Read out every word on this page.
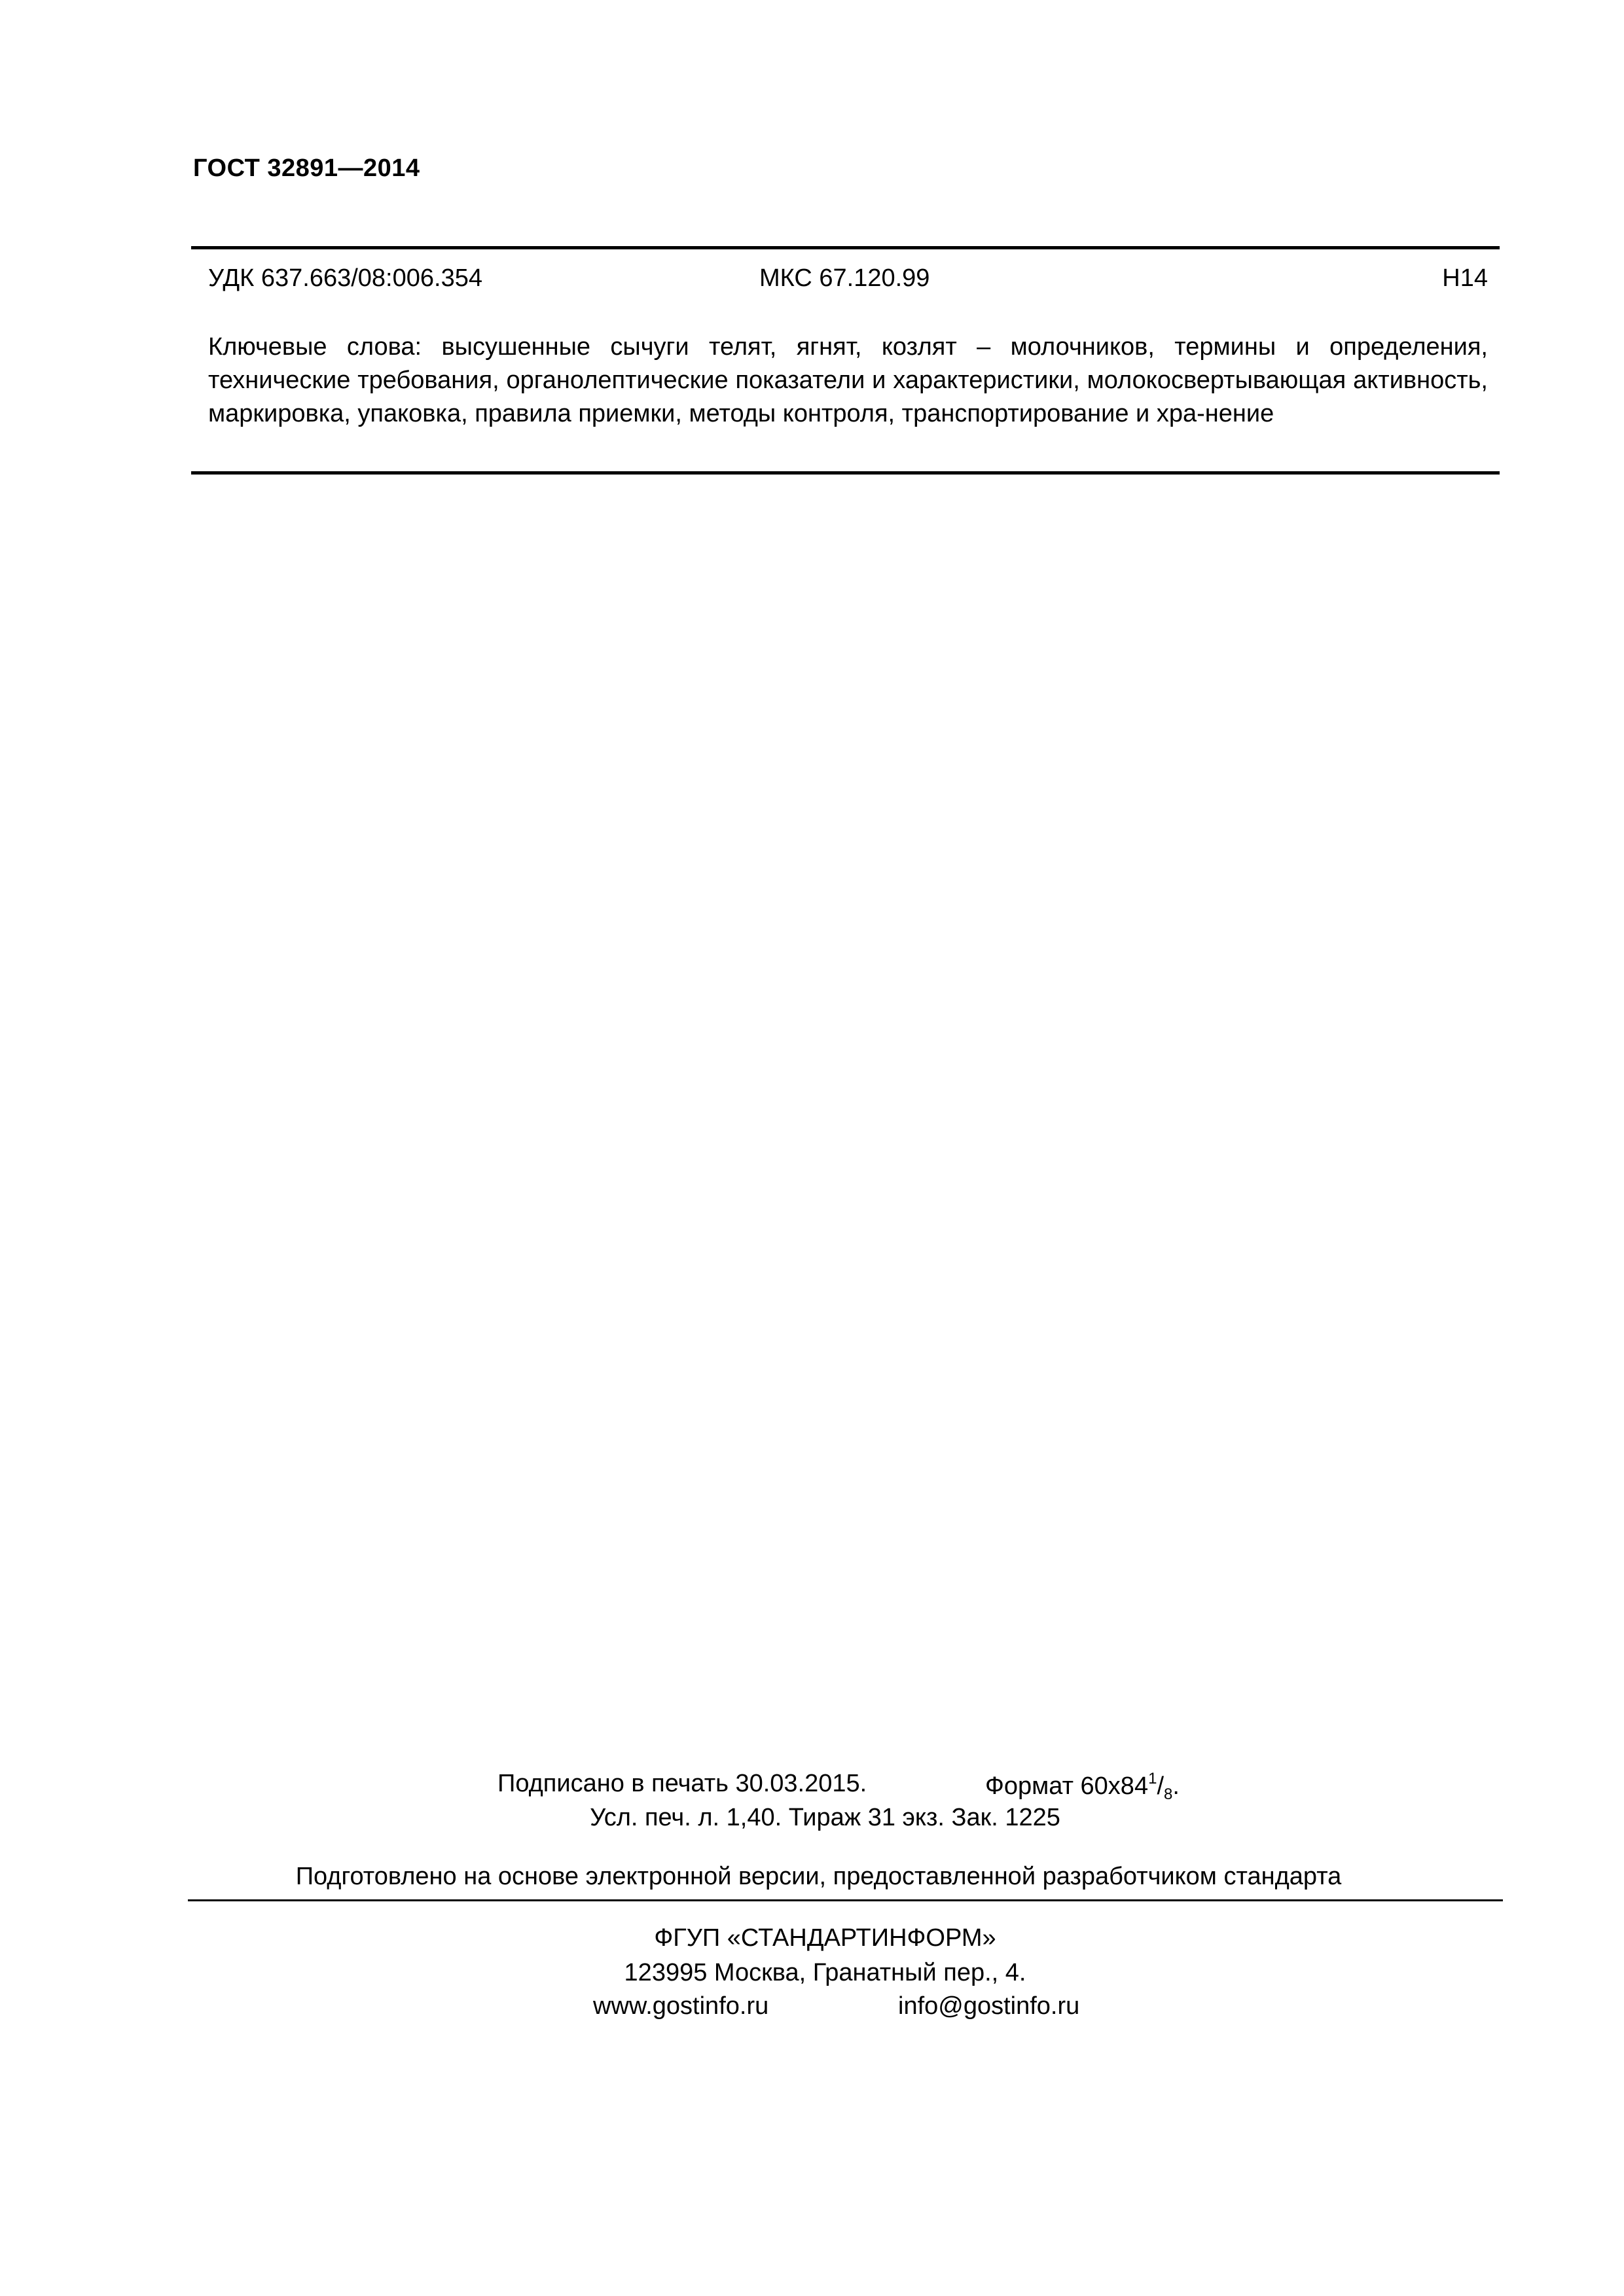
ГОСТ 32891—2014
УДК 637.663/08:006.354	МКС 67.120.99	Н14
Ключевые слова: высушенные сычуги телят, ягнят, козлят – молочников, термины и определения, технические требования, органолептические показатели и характеристики, молокосвертывающая активность, маркировка, упаковка, правила приемки, методы контроля, транспортирование и хра-нение
Подписано в печать 30.03.2015.	Формат $60х84^1/_8$.
Усл. печ. л. 1,40. Тираж 31 экз. Зак. 1225
Подготовлено на основе электронной версии, предоставленной разработчиком стандарта
ФГУП «СТАНДАРТИНФОРМ»
123995 Москва, Гранатный пер., 4.
www.gostinfo.ru	info@gostinfo.ru
